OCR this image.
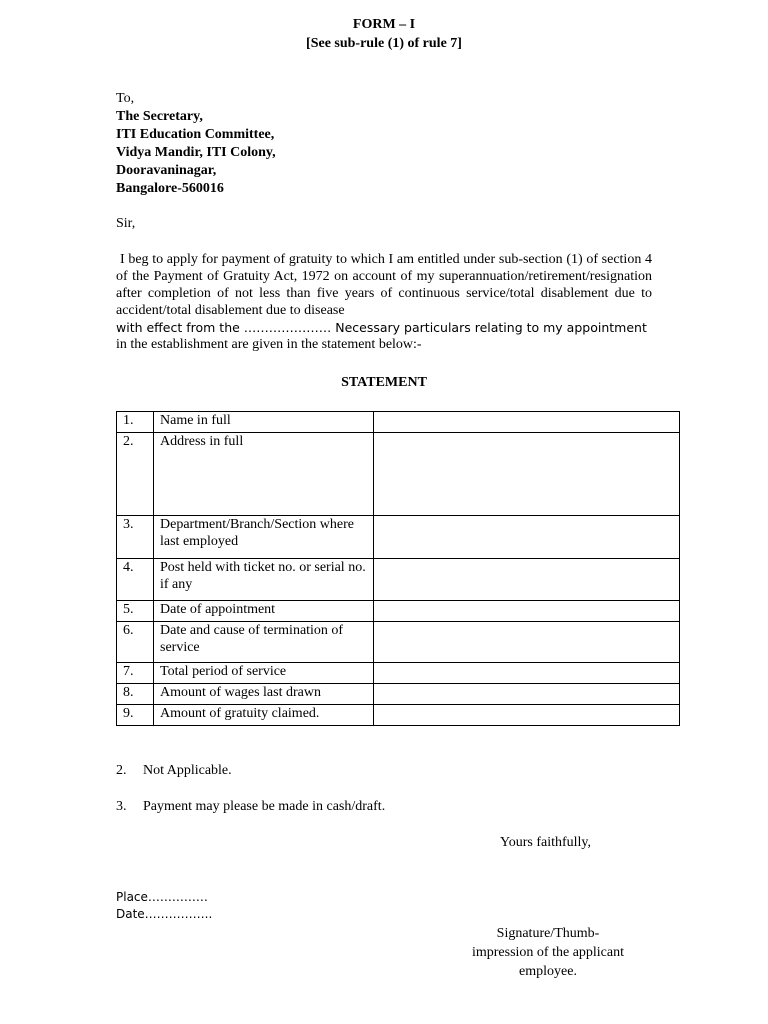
FORM – I
[See sub-rule (1) of rule 7]
To,
The Secretary,
ITI Education Committee,
Vidya Mandir, ITI Colony,
Dooravaninagar,
Bangalore-560016
Sir,
I beg to apply for payment of gratuity to which I am entitled under sub-section (1) of section 4 of the Payment of Gratuity Act, 1972 on account of my superannuation/retirement/resignation after completion of not less than five years of continuous service/total disablement due to accident/total disablement due to disease
with effect from the ………………… Necessary particulars relating to my appointment
in the establishment are given in the statement below:-
STATEMENT
1.	Name in full	
2.	Address in full	
3.	Department/Branch/Section where last employed	
4.	Post held with ticket no. or serial no. if any	
5.	Date of appointment	
6.	Date and cause of termination of service	
7.	Total period of service	
8.	Amount of wages last drawn	
9.	Amount of gratuity claimed.	
2. Not Applicable.
3. Payment may please be made in cash/draft.
Yours faithfully,
Place……………
Date……………..
Signature/Thumb-
impression of the applicant
employee.
